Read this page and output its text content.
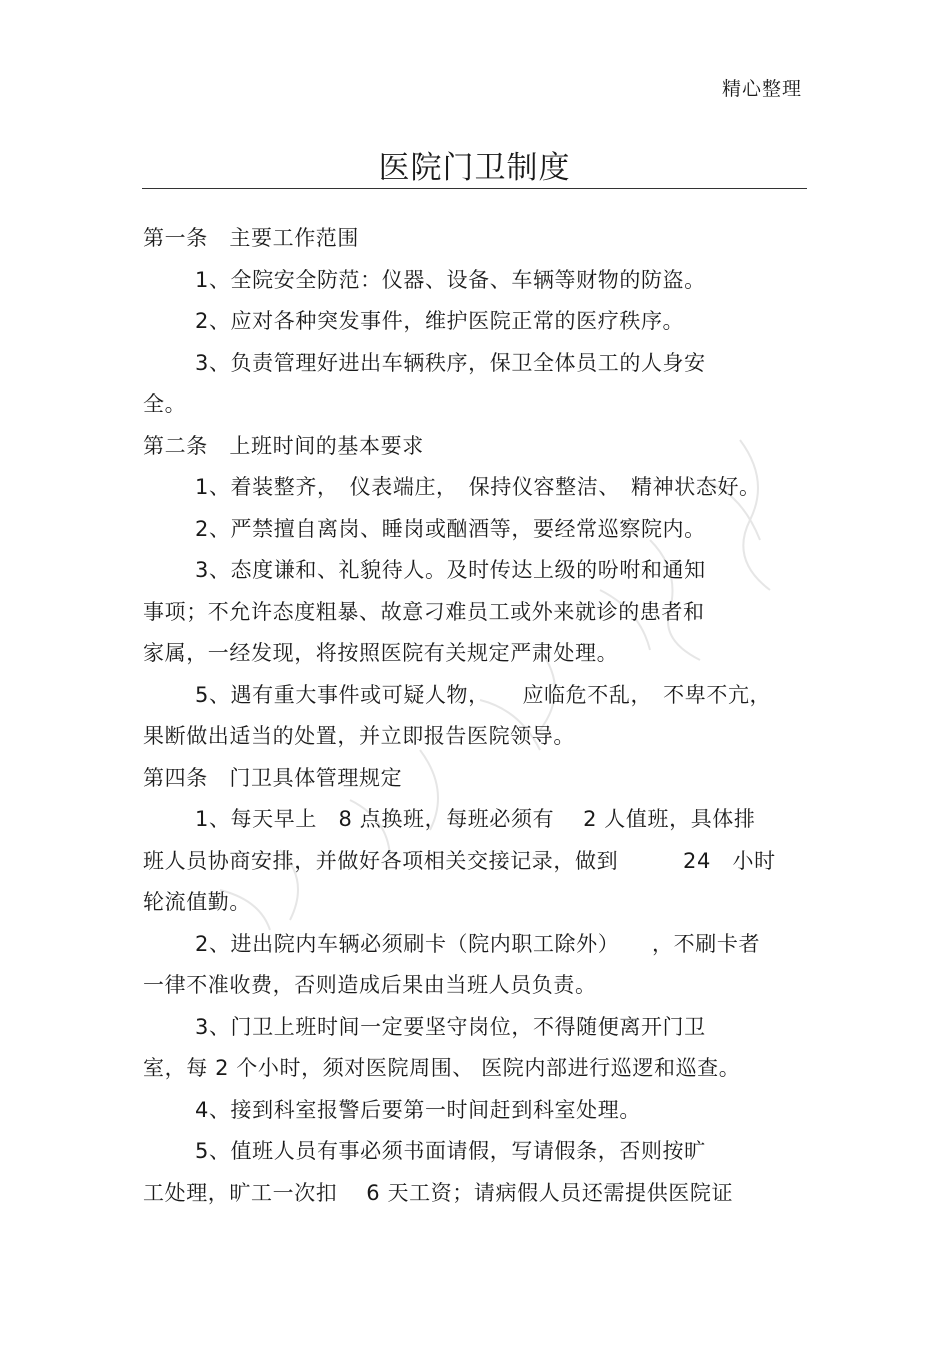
精心整理
医院门卫制度
第一条　主要工作范围
1、全院安全防范：仪器、设备、车辆等财物的防盗。
2、应对各种突发事件，维护医院正常的医疗秩序。
3、负责管理好进出车辆秩序，保卫全体员工的人身安
全。
第二条　上班时间的基本要求
1、着装整齐，　仪表端庄，　保持仪容整洁、　精神状态好。
2、严禁擅自离岗、睡岗或酗酒等，要经常巡察院内。
3、态度谦和、礼貌待人。及时传达上级的吩咐和通知
事项；不允许态度粗暴、故意刁难员工或外来就诊的患者和
家属，一经发现，将按照医院有关规定严肃处理。
5、遇有重大事件或可疑人物，　　应临危不乱，　不卑不亢，
果断做出适当的处置，并立即报告医院领导。
第四条　门卫具体管理规定
1、每天早上　8 点换班，每班必须有　 2 人值班，具体排
班人员协商安排，并做好各项相关交接记录，做到　　　24　小时
轮流值勤。
2、进出院内车辆必须刷卡（院内职工除外）　　，不刷卡者
一律不准收费，否则造成后果由当班人员负责。
3、门卫上班时间一定要坚守岗位，不得随便离开门卫
室，每 2 个小时，须对医院周围、 医院内部进行巡逻和巡查。
4、接到科室报警后要第一时间赶到科室处理。
5、值班人员有事必须书面请假，写请假条，否则按旷
工处理，旷工一次扣　 6 天工资；请病假人员还需提供医院证
